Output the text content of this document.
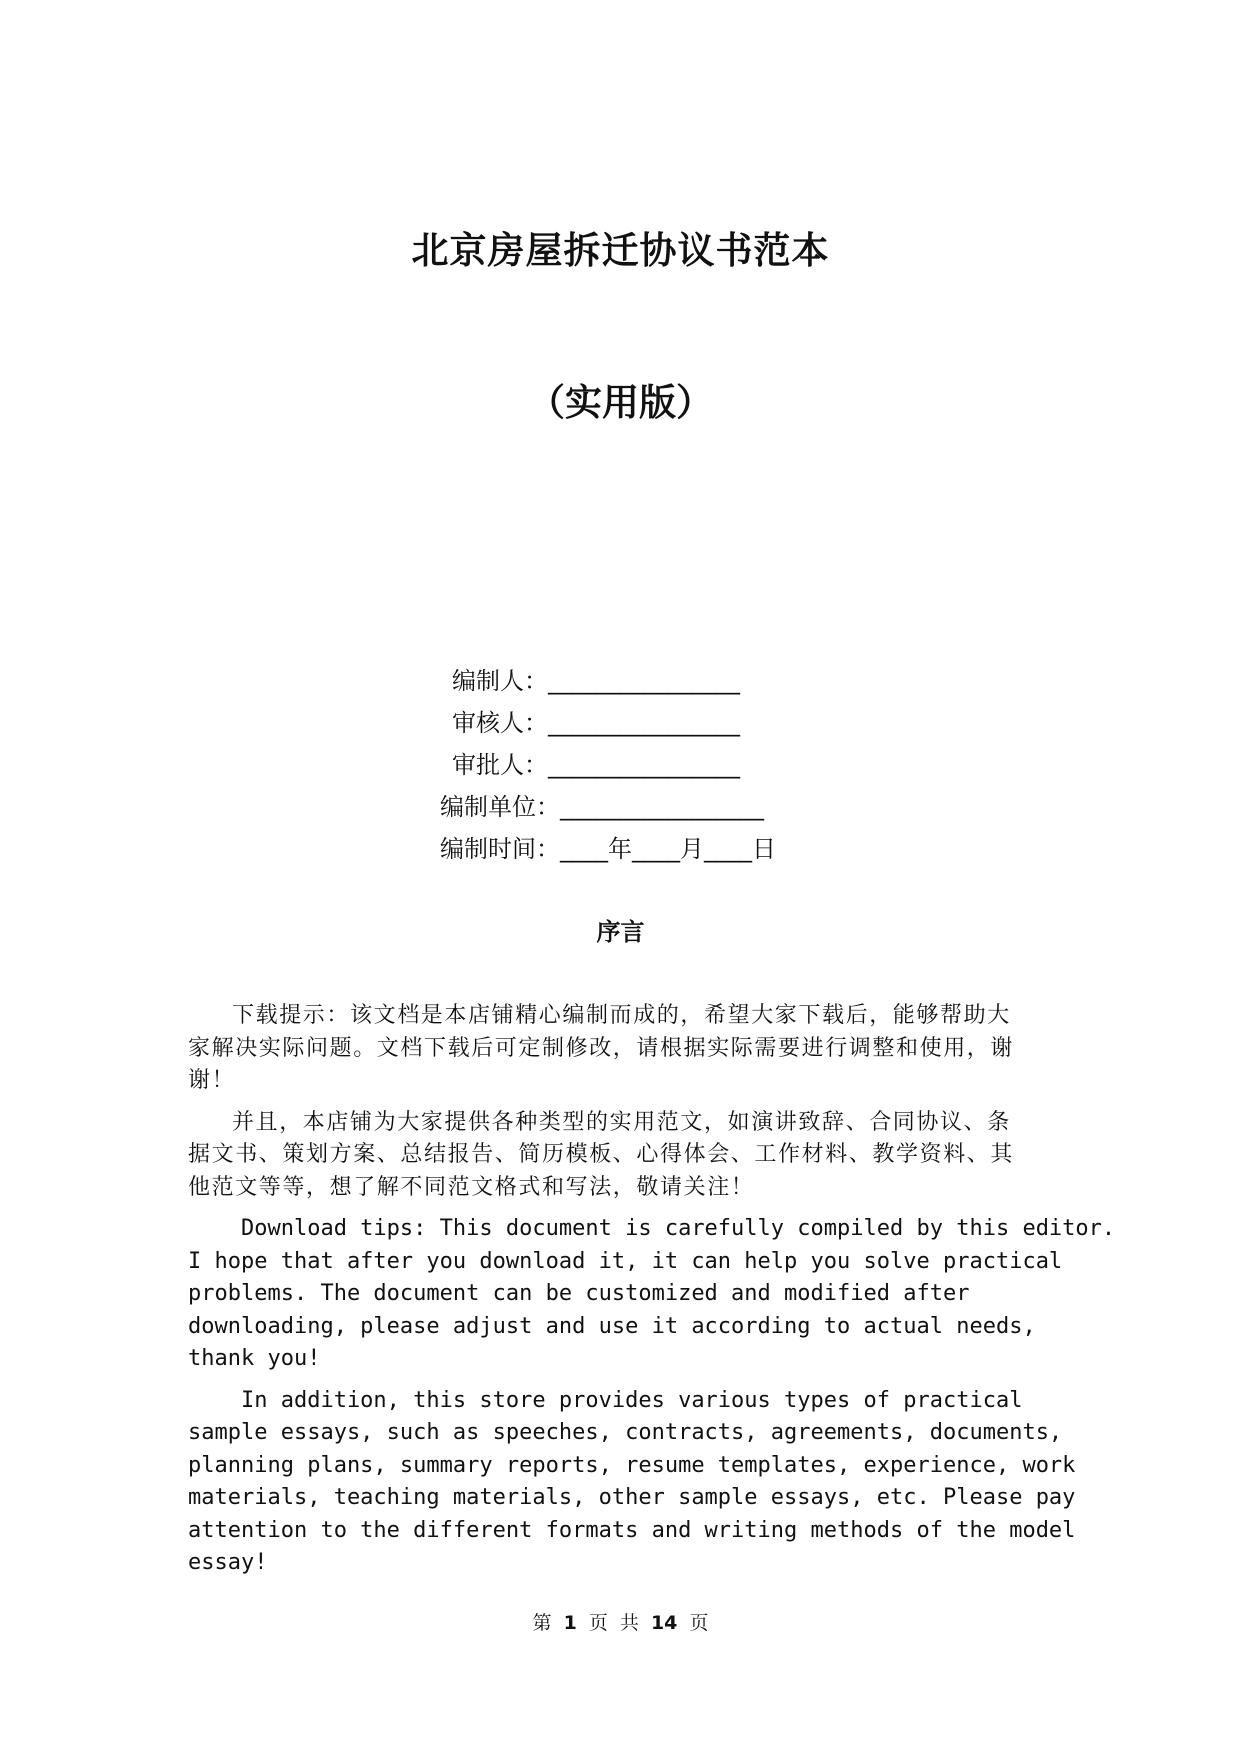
北京房屋拆迁协议书范本
（实用版）
编制人：________________
审核人：________________
审批人：________________
编制单位：_________________
编制时间：____年____月____日
序言
下载提示：该文档是本店铺精心编制而成的，希望大家下载后，能够帮助大
家解决实际问题。文档下载后可定制修改，请根据实际需要进行调整和使用，谢
谢！
并且，本店铺为大家提供各种类型的实用范文，如演讲致辞、合同协议、条
据文书、策划方案、总结报告、简历模板、心得体会、工作材料、教学资料、其
他范文等等，想了解不同范文格式和写法，敬请关注！
Download tips: This document is carefully compiled by this editor.
I hope that after you download it, it can help you solve practical
problems. The document can be customized and modified after
downloading, please adjust and use it according to actual needs,
thank you!
In addition, this store provides various types of practical
sample essays, such as speeches, contracts, agreements, documents,
planning plans, summary reports, resume templates, experience, work
materials, teaching materials, other sample essays, etc. Please pay
attention to the different formats and writing methods of the model
essay!
第 1 页 共 14 页
